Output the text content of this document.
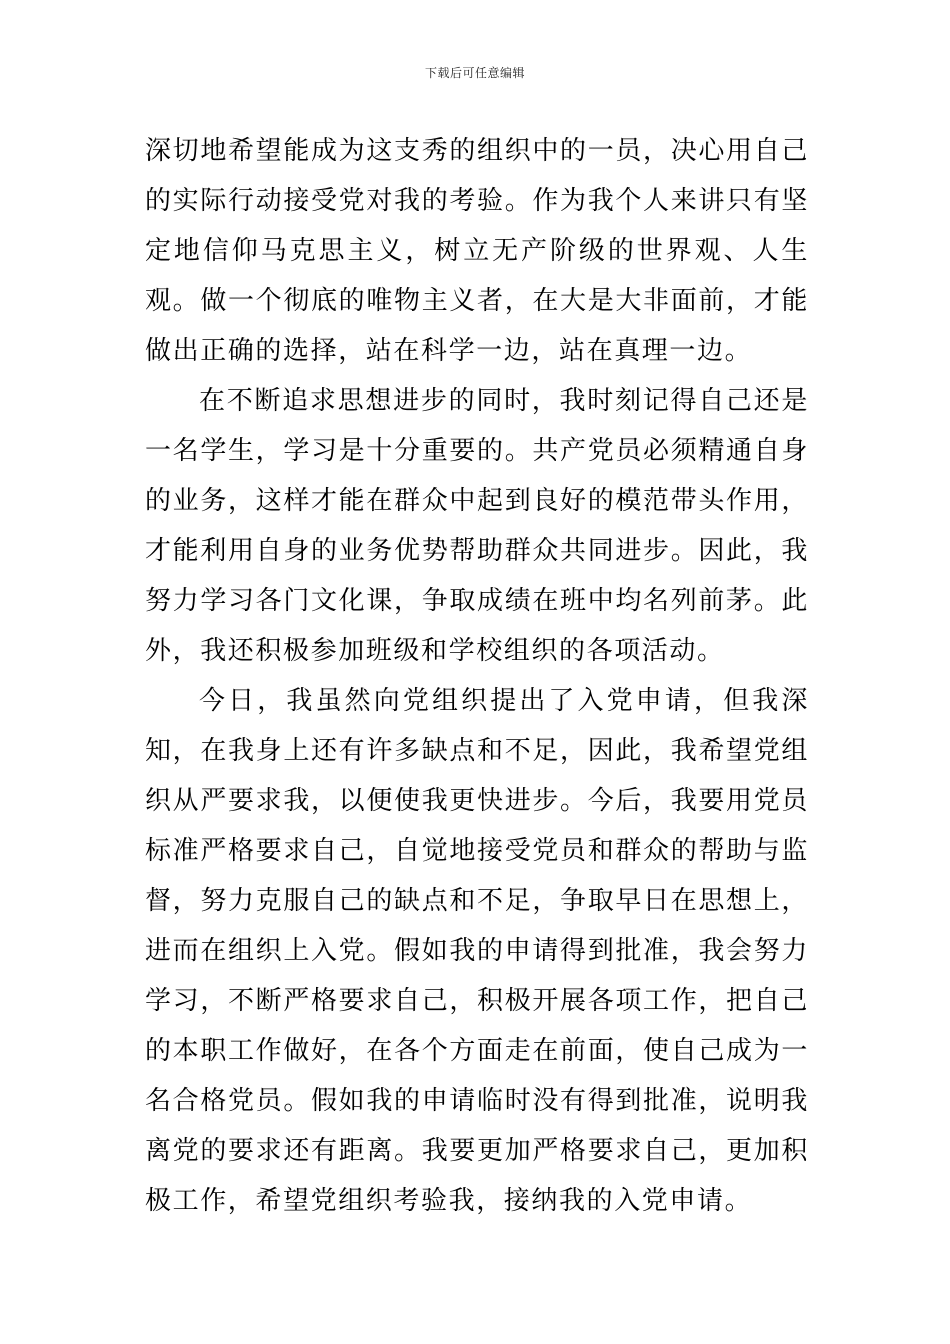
下载后可任意编辑

深切地希望能成为这支秀的组织中的一员，决心用自己的实际行动接受党对我的考验。作为我个人来讲只有坚定地信仰马克思主义，树立无产阶级的世界观、人生观。做一个彻底的唯物主义者，在大是大非面前，才能做出正确的选择，站在科学一边，站在真理一边。

在不断追求思想进步的同时，我时刻记得自己还是一名学生，学习是十分重要的。共产党员必须精通自身的业务，这样才能在群众中起到良好的模范带头作用，才能利用自身的业务优势帮助群众共同进步。因此，我努力学习各门文化课，争取成绩在班中均名列前茅。此外，我还积极参加班级和学校组织的各项活动。

今日，我虽然向党组织提出了入党申请，但我深知，在我身上还有许多缺点和不足，因此，我希望党组织从严要求我，以便使我更快进步。今后，我要用党员标准严格要求自己，自觉地接受党员和群众的帮助与监督，努力克服自己的缺点和不足，争取早日在思想上，进而在组织上入党。假如我的申请得到批准，我会努力学习，不断严格要求自己，积极开展各项工作，把自己的本职工作做好，在各个方面走在前面，使自己成为一名合格党员。假如我的申请临时没有得到批准，说明我离党的要求还有距离。我要更加严格要求自己，更加积极工作，希望党组织考验我，接纳我的入党申请。
